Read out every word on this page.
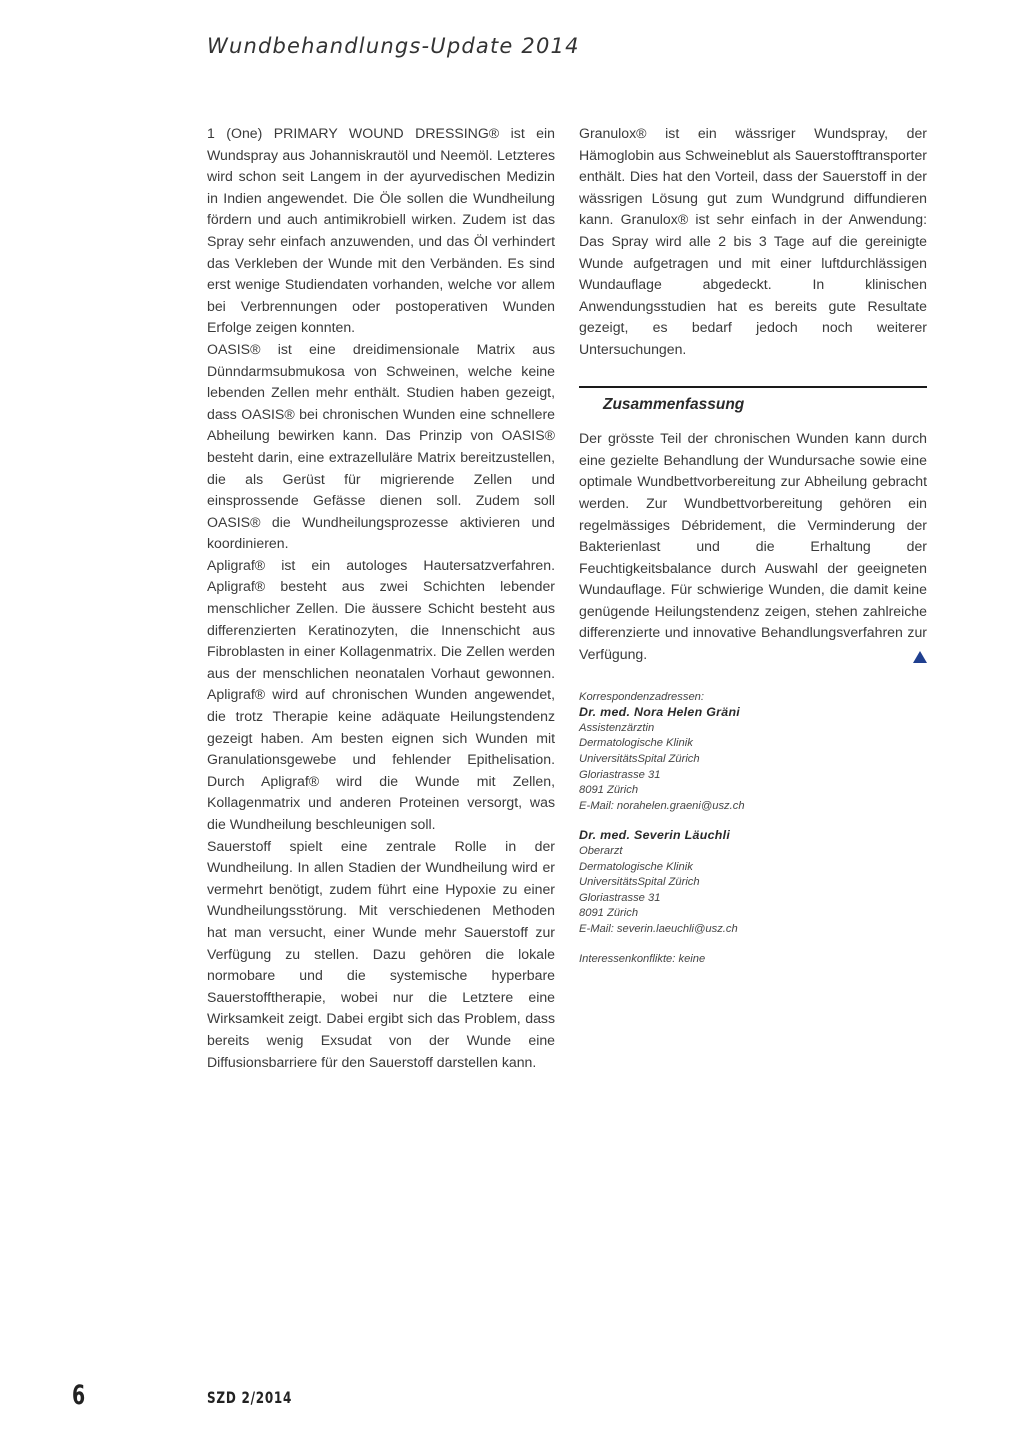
Wundbehandlungs-Update 2014

1 (One) PRIMARY WOUND DRESSING® ist ein Wundspray aus Johanniskrautöl und Neemöl. Letzteres wird schon seit Langem in der ayurvedischen Medizin in Indien angewendet. Die Öle sollen die Wundheilung fördern und auch antimikrobiell wirken. Zudem ist das Spray sehr einfach anzuwenden, und das Öl verhindert das Verkleben der Wunde mit den Verbänden. Es sind erst wenige Studiendaten vorhanden, welche vor allem bei Verbrennungen oder postoperativen Wunden Erfolge zeigen konnten.

OASIS® ist eine dreidimensionale Matrix aus Dünndarmsubmukosa von Schweinen, welche keine lebenden Zellen mehr enthält. Studien haben gezeigt, dass OASIS® bei chronischen Wunden eine schnellere Abheilung bewirken kann. Das Prinzip von OASIS® besteht darin, eine extrazelluläre Matrix bereitzustellen, die als Gerüst für migrierende Zellen und einsprossende Gefässe dienen soll. Zudem soll OASIS® die Wundheilungsprozesse aktivieren und koordinieren.

Apligraf® ist ein autologes Hautersatzverfahren. Apligraf® besteht aus zwei Schichten lebender menschlicher Zellen. Die äussere Schicht besteht aus differenzierten Keratinozyten, die Innenschicht aus Fibroblasten in einer Kollagenmatrix. Die Zellen werden aus der menschlichen neonatalen Vorhaut gewonnen. Apligraf® wird auf chronischen Wunden angewendet, die trotz Therapie keine adäquate Heilungstendenz gezeigt haben. Am besten eignen sich Wunden mit Granulationsgewebe und fehlender Epithelisation. Durch Apligraf® wird die Wunde mit Zellen, Kollagenmatrix und anderen Proteinen versorgt, was die Wundheilung beschleunigen soll.

Sauerstoff spielt eine zentrale Rolle in der Wundheilung. In allen Stadien der Wundheilung wird er vermehrt benötigt, zudem führt eine Hypoxie zu einer Wundheilungsstörung. Mit verschiedenen Methoden hat man versucht, einer Wunde mehr Sauerstoff zur Verfügung zu stellen. Dazu gehören die lokale normobare und die systemische hyperbare Sauerstofftherapie, wobei nur die Letztere eine Wirksamkeit zeigt. Dabei ergibt sich das Problem, dass bereits wenig Exsudat von der Wunde eine Diffusionsbarriere für den Sauerstoff darstellen kann.

Granulox® ist ein wässriger Wundspray, der Hämoglobin aus Schweineblut als Sauerstofftransporter enthält. Dies hat den Vorteil, dass der Sauerstoff in der wässrigen Lösung gut zum Wundgrund diffundieren kann. Granulox® ist sehr einfach in der Anwendung: Das Spray wird alle 2 bis 3 Tage auf die gereinigte Wunde aufgetragen und mit einer luftdurchlässigen Wundauflage abgedeckt. In klinischen Anwendungsstudien hat es bereits gute Resultate gezeigt, es bedarf jedoch noch weiterer Untersuchungen.

Zusammenfassung

Der grösste Teil der chronischen Wunden kann durch eine gezielte Behandlung der Wundursache sowie eine optimale Wundbettvorbereitung zur Abheilung gebracht werden. Zur Wundbettvorbereitung gehören ein regelmässiges Débridement, die Verminderung der Bakterienlast und die Erhaltung der Feuchtigkeitsbalance durch Auswahl der geeigneten Wundauflage. Für schwierige Wunden, die damit keine genügende Heilungstendenz zeigen, stehen zahlreiche differenzierte und innovative Behandlungsverfahren zur Verfügung.

Korrespondenzadressen:
Dr. med. Nora Helen Gräni
Assistenzärztin
Dermatologische Klinik
UniversitätsSpital Zürich
Gloriastrasse 31
8091 Zürich
E-Mail: norahelen.graeni@usz.ch
Dr. med. Severin Läuchli
Oberarzt
Dermatologische Klinik
UniversitätsSpital Zürich
Gloriastrasse 31
8091 Zürich
E-Mail: severin.laeuchli@usz.ch
Interessenkonflikte: keine
6	SZD 2/2014
